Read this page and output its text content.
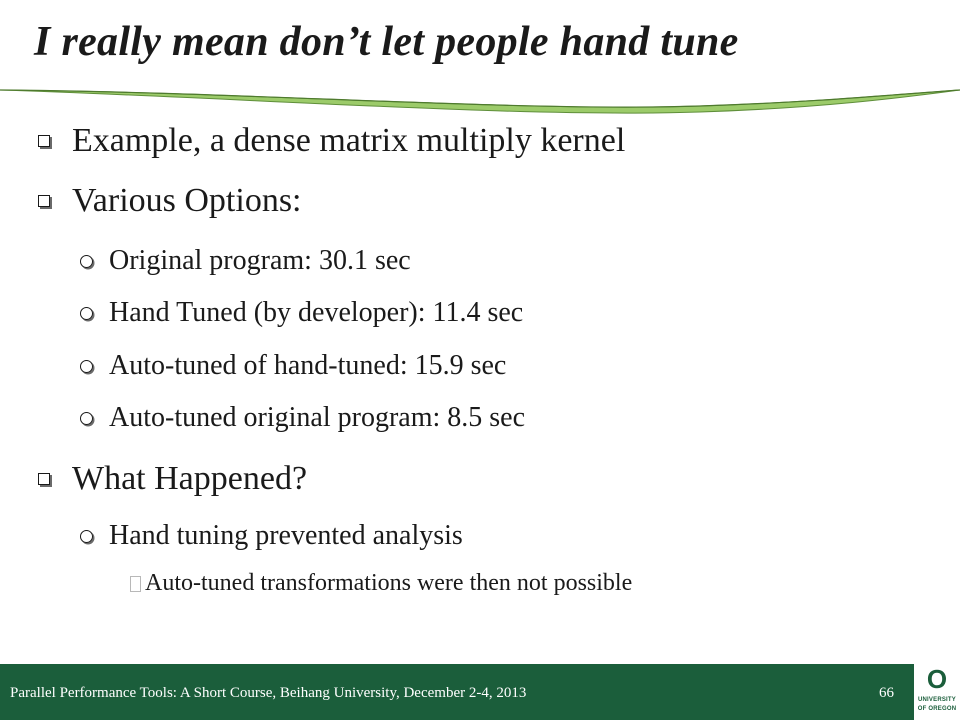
I really mean don’t let people hand tune
Example, a dense matrix multiply kernel
Various Options:
Original program: 30.1 sec
Hand Tuned (by developer): 11.4 sec
Auto-tuned of hand-tuned: 15.9 sec
Auto-tuned original program: 8.5 sec
What Happened?
Hand tuning prevented analysis
Auto-tuned transformations were then not possible
Parallel Performance Tools: A Short Course, Beihang University, December 2-4, 2013	66 O
UNIVERSITY
OF OREGON
